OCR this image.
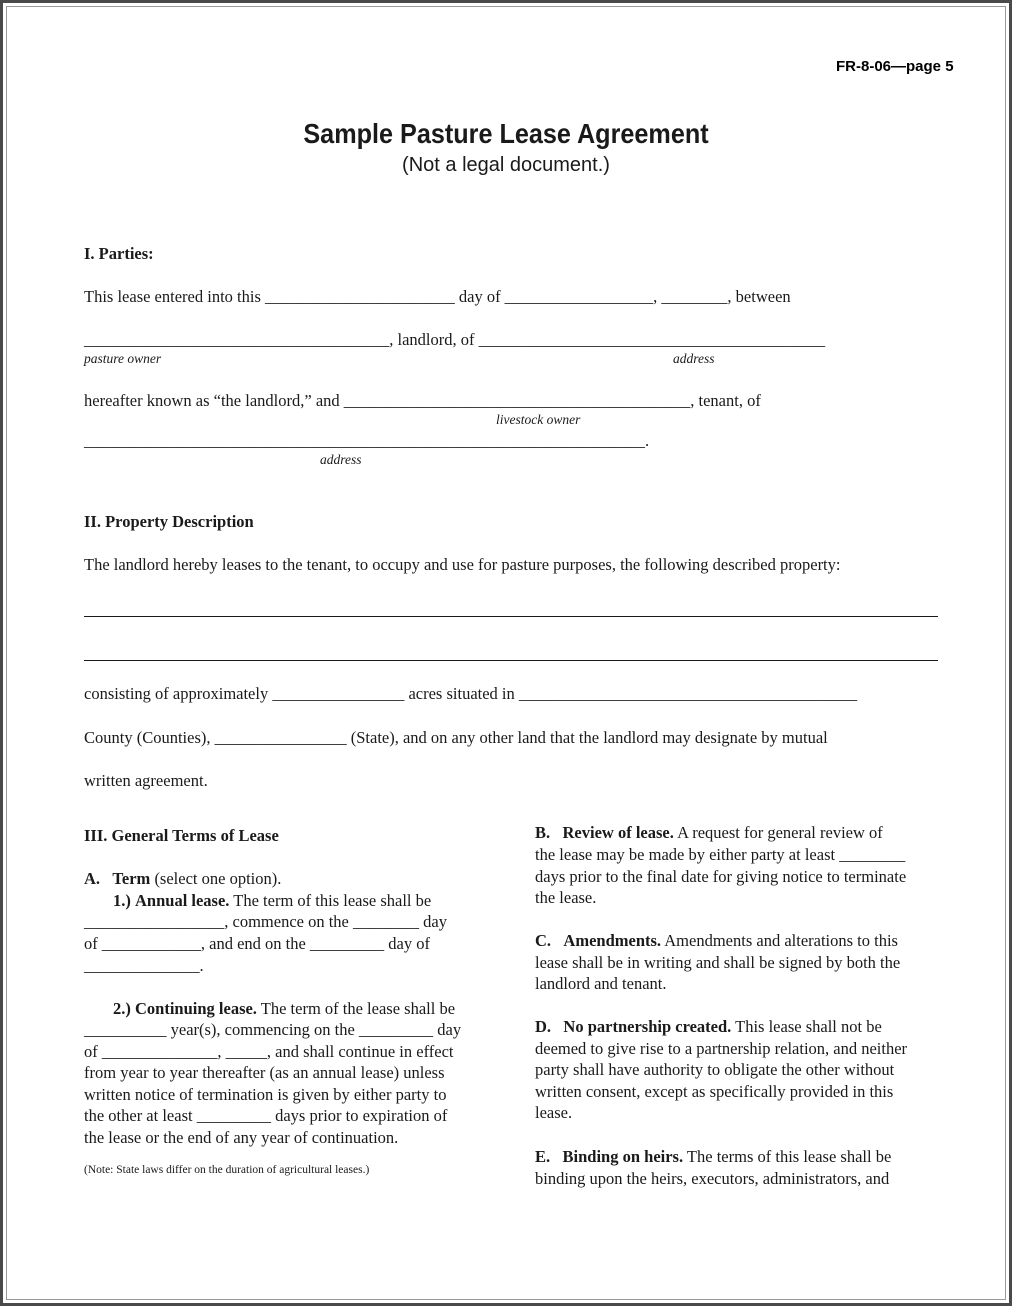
FR-8-06—page 5
Sample Pasture Lease Agreement
(Not a legal document.)
I. Parties:
This lease entered into this _______________________ day of __________________, ________, between
_____________________________________, landlord, of __________________________________________
pasture owner	address
hereafter known as “the landlord,” and __________________________________________, tenant, of
livestock owner
____________________________________________________________________.
address
II. Property Description
The landlord hereby leases to the tenant, to occupy and use for pasture purposes, the following described property:
consisting of approximately ________________ acres situated in _________________________________________
County (Counties), ________________ (State), and on any other land that the landlord may designate by mutual
written agreement.
III. General Terms of Lease
A. Term (select one option).
1.) Annual lease. The term of this lease shall be
_________________, commence on the ________ day
of ____________, and end on the _________ day of
______________.
2.) Continuing lease. The term of the lease shall be
__________ year(s), commencing on the _________ day
of ______________, _____, and shall continue in effect
from year to year thereafter (as an annual lease) unless
written notice of termination is given by either party to
the other at least _________ days prior to expiration of
the lease or the end of any year of continuation.
(Note: State laws differ on the duration of agricultural leases.)
B. Review of lease. A request for general review of
the lease may be made by either party at least ________
days prior to the final date for giving notice to terminate
the lease.
C. Amendments. Amendments and alterations to this
lease shall be in writing and shall be signed by both the
landlord and tenant.
D. No partnership created. This lease shall not be
deemed to give rise to a partnership relation, and neither
party shall have authority to obligate the other without
written consent, except as specifically provided in this
lease.
E. Binding on heirs. The terms of this lease shall be
binding upon the heirs, executors, administrators, and
